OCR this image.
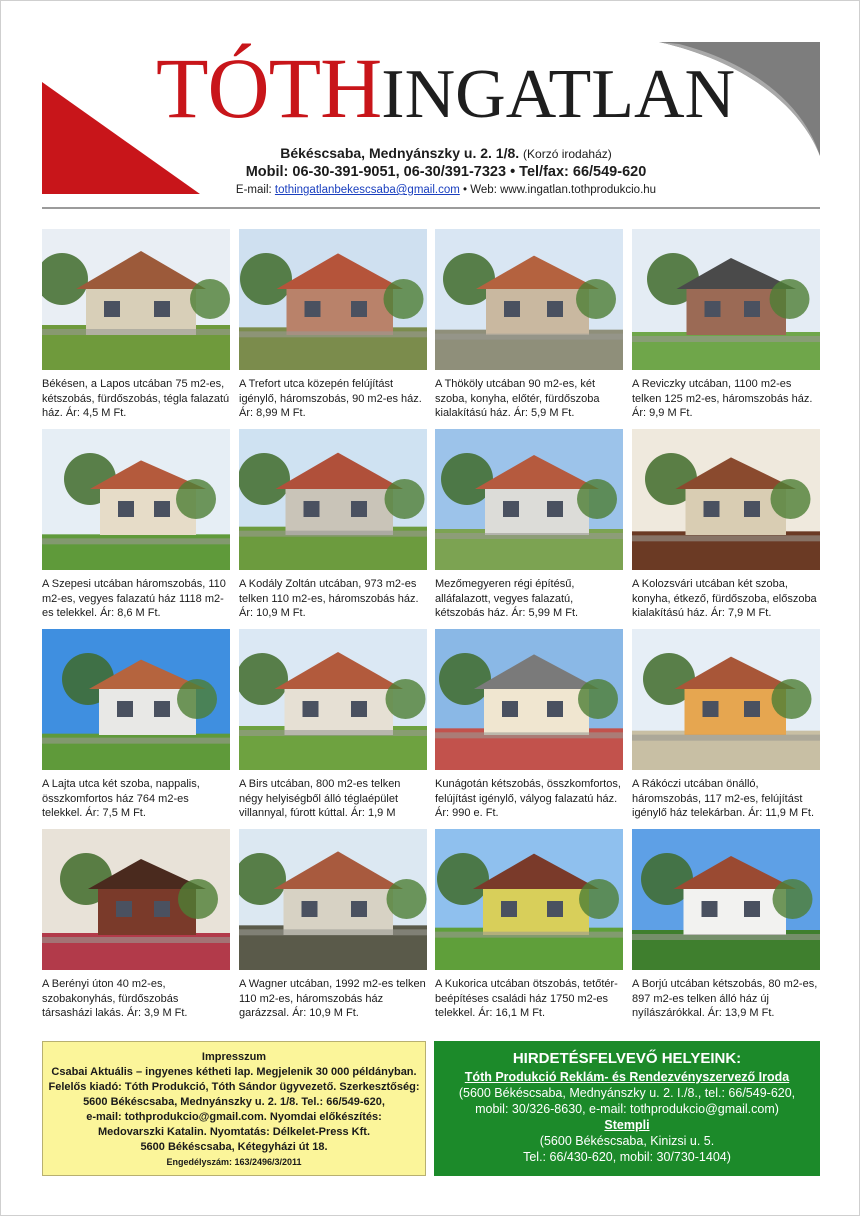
TÓTHINGATLAN
Békéscsaba, Mednyánszky u. 2. 1/8. (Korzó irodaház)
Mobil: 06-30-391-9051, 06-30/391-7323 • Tel/fax: 66/549-620
E-mail: tothingatlanbekescsaba@gmail.com • Web: www.ingatlan.tothprodukcio.hu
Békésen, a Lapos utcában 75 m2-es, kétszobás, fürdőszobás, tégla falazatú ház. Ár: 4,5 M Ft.
A Trefort utca közepén felújítást igénylő, háromszobás, 90 m2-es ház. Ár: 8,99 M Ft.
A Thököly utcában 90 m2-es, két szoba, konyha, előtér, fürdőszoba kialakítású ház. Ár: 5,9 M Ft.
A Reviczky utcában, 1100 m2-es telken 125 m2-es, háromszobás ház. Ár: 9,9 M Ft.
A Szepesi utcában háromszobás, 110 m2-es, vegyes falazatú ház 1118 m2-es telekkel. Ár: 8,6 M Ft.
A Kodály Zoltán utcában, 973 m2-es telken 110 m2-es, háromszobás ház. Ár: 10,9 M Ft.
Mezőmegyeren régi építésű, alláfalazott, vegyes falazatú, kétszobás ház. Ár: 5,99 M Ft.
A Kolozsvári utcában két szoba, konyha, étkező, fürdőszoba, előszoba kialakítású ház. Ár: 7,9 M Ft.
A Lajta utca két szoba, nappalis, összkomfortos ház 764 m2-es telekkel. Ár: 7,5 M Ft.
A Birs utcában, 800 m2-es telken négy helyiségből álló téglaépület villannyal, fúrott kúttal. Ár: 1,9 M
Kunágotán kétszobás, összkomfortos, felújítást igénylő, vályog falazatú ház. Ár: 990 e. Ft.
A Rákóczi utcában önálló, háromszobás, 117 m2-es, felújítást igénylő ház telekárban. Ár: 11,9 M Ft.
A Berényi úton 40 m2-es, szobakonyhás, fürdőszobás társasházi lakás. Ár: 3,9 M Ft.
A Wagner utcában, 1992 m2-es telken 110 m2-es, háromszobás ház garázzsal. Ár: 10,9 M Ft.
A Kukorica utcában ötszobás, tetőtér-beépítéses családi ház 1750 m2-es telekkel. Ár: 16,1 M Ft.
A Borjú utcában kétszobás, 80 m2-es, 897 m2-es telken álló ház új nyílászárókkal. Ár: 13,9 M Ft.
Impresszum
Csabai Aktuális – ingyenes kétheti lap. Megjelenik 30 000 példányban.
Felelős kiadó: Tóth Produkció, Tóth Sándor ügyvezető. Szerkesztőség:
5600 Békéscsaba, Mednyánszky u. 2. 1/8. Tel.: 66/549-620,
e-mail: tothprodukcio@gmail.com. Nyomdai előkészítés:
Medovarszki Katalin. Nyomtatás: Délkelet-Press Kft.
5600 Békéscsaba, Kétegyházi út 18.
Engedélyszám: 163/2496/3/2011
HIRDETÉSFELVEVŐ HELYEINK:
Tóth Produkció Reklám- és Rendezvényszervező Iroda
(5600 Békéscsaba, Mednyánszky u. 2. I./8., tel.: 66/549-620,
mobil: 30/326-8630, e-mail: tothprodukcio@gmail.com)
Stempli
(5600 Békéscsaba, Kinizsi u. 5.
Tel.: 66/430-620, mobil: 30/730-1404)
